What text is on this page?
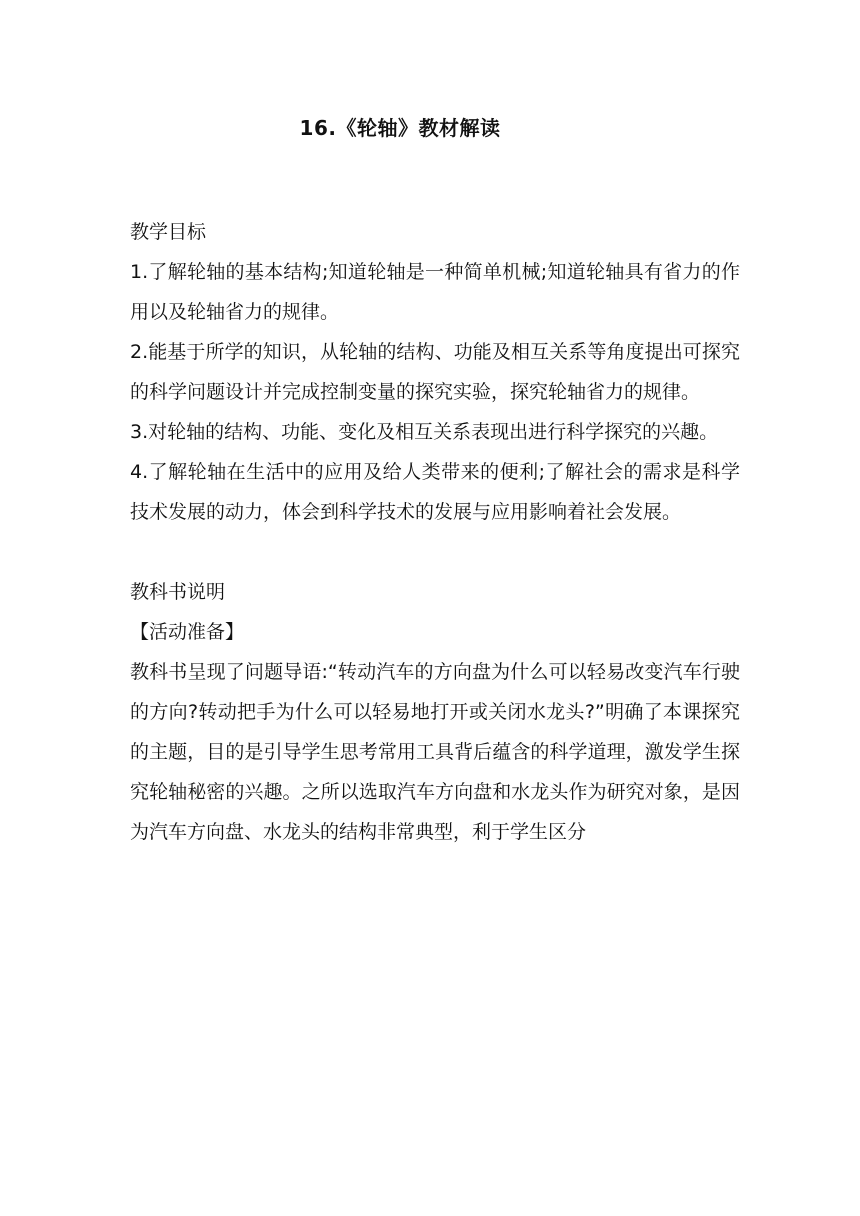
16.《轮轴》教材解读

教学目标

1.了解轮轴的基本结构;知道轮轴是一种简单机械;知道轮轴具有省力的作用以及轮轴省力的规律。

2.能基于所学的知识，从轮轴的结构、功能及相互关系等角度提出可探究的科学问题设计并完成控制变量的探究实验，探究轮轴省力的规律。

3.对轮轴的结构、功能、变化及相互关系表现出进行科学探究的兴趣。

4.了解轮轴在生活中的应用及给人类带来的便利;了解社会的需求是科学技术发展的动力，体会到科学技术的发展与应用影响着社会发展。

教科书说明

【活动准备】

教科书呈现了问题导语:“转动汽车的方向盘为什么可以轻易改变汽车行驶的方向?转动把手为什么可以轻易地打开或关闭水龙头?”明确了本课探究的主题，目的是引导学生思考常用工具背后蕴含的科学道理，激发学生探究轮轴秘密的兴趣。之所以选取汽车方向盘和水龙头作为研究对象，是因为汽车方向盘、水龙头的结构非常典型，利于学生区分
